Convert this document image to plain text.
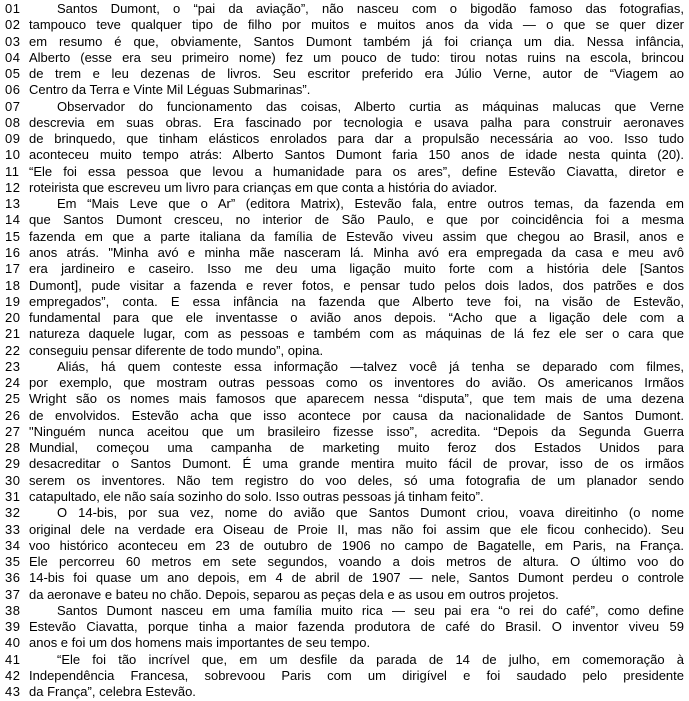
01	Santos Dumont, o “pai da aviação”, não nasceu com o bigodão famoso das fotografias,
02 tampouco teve qualquer tipo de filho por muitos e muitos anos da vida — o que se quer dizer
03 em resumo é que, obviamente, Santos Dumont também já foi criança um dia. Nessa infância,
04 Alberto (esse era seu primeiro nome) fez um pouco de tudo: tirou notas ruins na escola, brincou
05 de trem e leu dezenas de livros. Seu escritor preferido era Júlio Verne, autor de “Viagem ao
06 Centro da Terra e Vinte Mil Léguas Submarinas”.
07	Observador do funcionamento das coisas, Alberto curtia as máquinas malucas que Verne
08 descrevia em suas obras. Era fascinado por tecnologia e usava palha para construir aeronaves
09 de brinquedo, que tinham elásticos enrolados para dar a propulsão necessária ao voo. Isso tudo
10 aconteceu muito tempo atrás: Alberto Santos Dumont faria 150 anos de idade nesta quinta (20).
11 “Ele foi essa pessoa que levou a humanidade para os ares”, define Estevão Ciavatta, diretor e
12 roteirista que escreveu um livro para crianças em que conta a história do aviador.
13	Em “Mais Leve que o Ar” (editora Matrix), Estevão fala, entre outros temas, da fazenda em
14 que Santos Dumont cresceu, no interior de São Paulo, e que por coincidência foi a mesma
15 fazenda em que a parte italiana da família de Estevão viveu assim que chegou ao Brasil, anos e
16 anos atrás. "Minha avó e minha mãe nasceram lá. Minha avó era empregada da casa e meu avô
17 era jardineiro e caseiro. Isso me deu uma ligação muito forte com a história dele [Santos
18 Dumont], pude visitar a fazenda e rever fotos, e pensar tudo pelos dois lados, dos patrões e dos
19 empregados”, conta. E essa infância na fazenda que Alberto teve foi, na visão de Estevão,
20 fundamental para que ele inventasse o avião anos depois. “Acho que a ligação dele com a
21 natureza daquele lugar, com as pessoas e também com as máquinas de lá fez ele ser o cara que
22 conseguiu pensar diferente de todo mundo”, opina.
23	Aliás, há quem conteste essa informação —talvez você já tenha se deparado com filmes,
24 por exemplo, que mostram outras pessoas como os inventores do avião. Os americanos Irmãos
25 Wright são os nomes mais famosos que aparecem nessa “disputa”, que tem mais de uma dezena
26 de envolvidos. Estevão acha que isso acontece por causa da nacionalidade de Santos Dumont.
27 "Ninguém nunca aceitou que um brasileiro fizesse isso”, acredita. “Depois da Segunda Guerra
28 Mundial, começou uma campanha de marketing muito feroz dos Estados Unidos para
29 desacreditar o Santos Dumont. É uma grande mentira muito fácil de provar, isso de os irmãos
30 serem os inventores. Não tem registro do voo deles, só uma fotografia de um planador sendo
31 catapultado, ele não saía sozinho do solo. Isso outras pessoas já tinham feito”.
32	O 14-bis, por sua vez, nome do avião que Santos Dumont criou, voava direitinho (o nome
33 original dele na verdade era Oiseau de Proie II, mas não foi assim que ele ficou conhecido). Seu
34 voo histórico aconteceu em 23 de outubro de 1906 no campo de Bagatelle, em Paris, na França.
35 Ele percorreu 60 metros em sete segundos, voando a dois metros de altura. O último voo do
36 14-bis foi quase um ano depois, em 4 de abril de 1907 — nele, Santos Dumont perdeu o controle
37 da aeronave e bateu no chão. Depois, separou as peças dela e as usou em outros projetos.
38	Santos Dumont nasceu em uma família muito rica — seu pai era “o rei do café”, como define
39 Estevão Ciavatta, porque tinha a maior fazenda produtora de café do Brasil. O inventor viveu 59
40 anos e foi um dos homens mais importantes de seu tempo.
41	“Ele foi tão incrível que, em um desfile da parada de 14 de julho, em comemoração à
42 Independência Francesa, sobrevoou Paris com um dirigível e foi saudado pelo presidente
43 da França”, celebra Estevão.
